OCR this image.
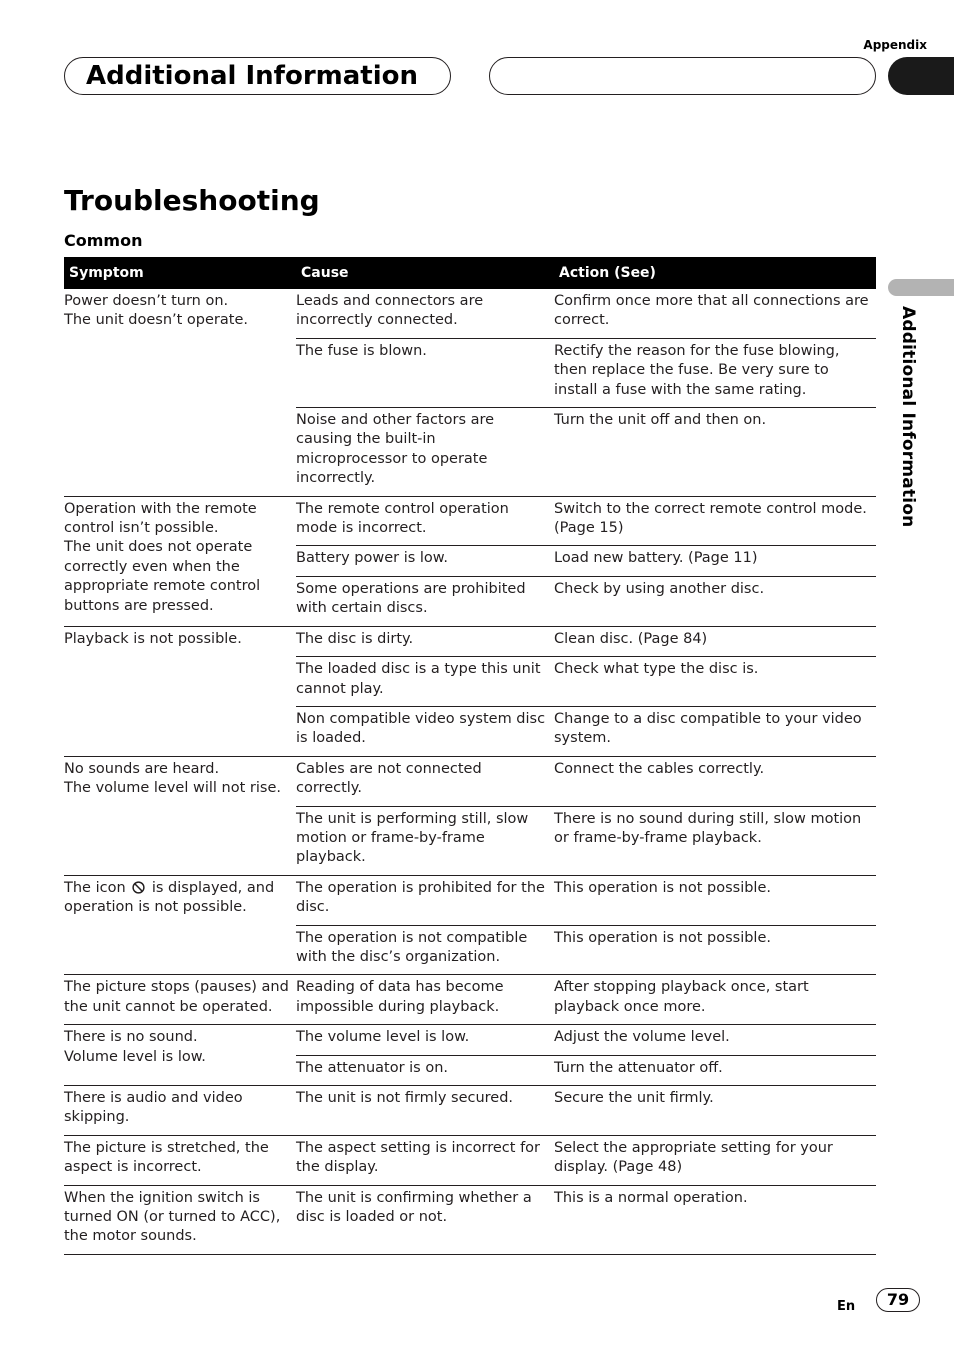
Appendix
Additional Information
Additional Information
Troubleshooting
Common
Symptom	Cause	Action (See)

Power doesn’t turn on.
The unit doesn’t operate.	Leads and connectors are incorrectly connected.	Confirm once more that all connections are correct.
	The fuse is blown.	Rectify the reason for the fuse blowing, then replace the fuse. Be very sure to install a fuse with the same rating.
	Noise and other factors are causing the built-in microprocessor to operate incorrectly.	Turn the unit off and then on.

Operation with the remote control isn’t possible.
The unit does not operate correctly even when the appropriate remote control buttons are pressed.	The remote control operation mode is incorrect.	Switch to the correct remote control mode. (Page 15)
	Battery power is low.	Load new battery. (Page 11)
	Some operations are prohibited with certain discs.	Check by using another disc.

Playback is not possible.	The disc is dirty.	Clean disc. (Page 84)
	The loaded disc is a type this unit cannot play.	Check what type the disc is.
	Non compatible video system disc is loaded.	Change to a disc compatible to your video system.

No sounds are heard.
The volume level will not rise.	Cables are not connected correctly.	Connect the cables correctly.
	The unit is performing still, slow motion or frame-by-frame playback.	There is no sound during still, slow motion or frame-by-frame playback.

The icon is displayed, and operation is not possible.	The operation is prohibited for the disc.	This operation is not possible.
	The operation is not compatible with the disc’s organization.	This operation is not possible.

The picture stops (pauses) and the unit cannot be operated.	Reading of data has become impossible during playback.	After stopping playback once, start playback once more.

There is no sound.
Volume level is low.	The volume level is low.	Adjust the volume level.
	The attenuator is on.	Turn the attenuator off.

There is audio and video skipping.	The unit is not firmly secured.	Secure the unit firmly.

The picture is stretched, the aspect is incorrect.	The aspect setting is incorrect for the display.	Select the appropriate setting for your display. (Page 48)

When the ignition switch is turned ON (or turned to ACC), the motor sounds.	The unit is confirming whether a disc is loaded or not.	This is a normal operation.
En	79
